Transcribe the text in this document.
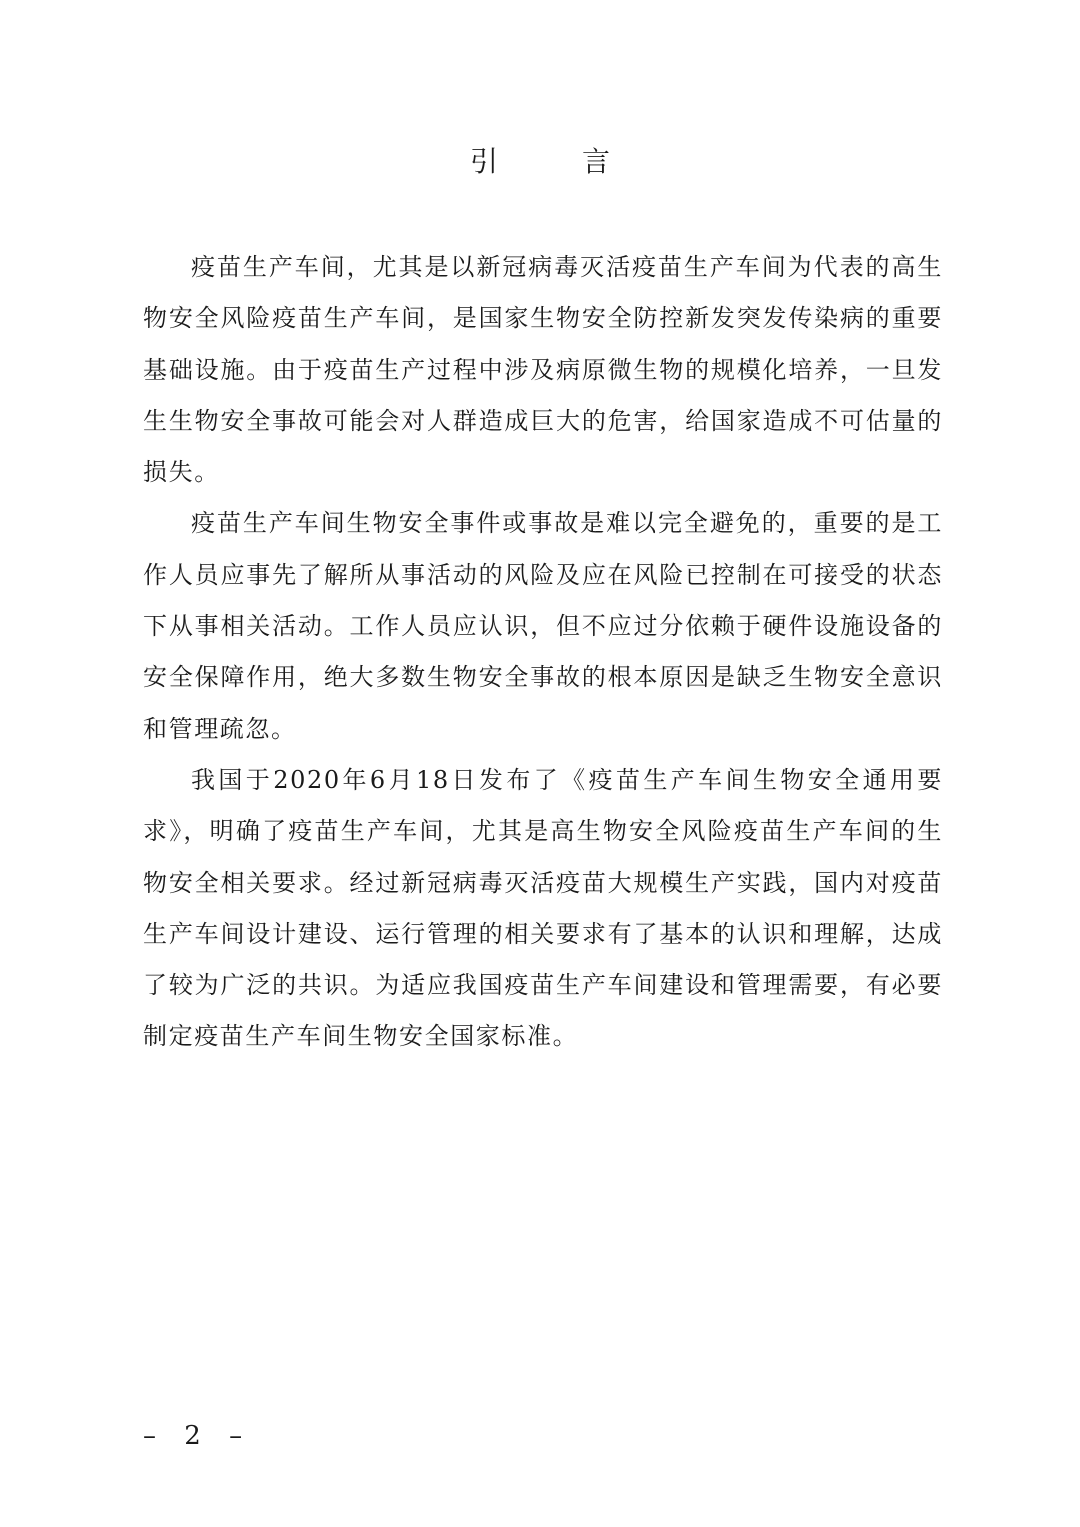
引　言

疫苗生产车间，尤其是以新冠病毒灭活疫苗生产车间为代表的高生物安全风险疫苗生产车间，是国家生物安全防控新发突发传染病的重要基础设施。由于疫苗生产过程中涉及病原微生物的规模化培养，一旦发生生物安全事故可能会对人群造成巨大的危害，给国家造成不可估量的损失。

疫苗生产车间生物安全事件或事故是难以完全避免的，重要的是工作人员应事先了解所从事活动的风险及应在风险已控制在可接受的状态下从事相关活动。工作人员应认识，但不应过分依赖于硬件设施设备的安全保障作用，绝大多数生物安全事故的根本原因是缺乏生物安全意识和管理疏忽。

我国于2020年6月18日发布了《疫苗生产车间生物安全通用要求》，明确了疫苗生产车间，尤其是高生物安全风险疫苗生产车间的生物安全相关要求。经过新冠病毒灭活疫苗大规模生产实践，国内对疫苗生产车间设计建设、运行管理的相关要求有了基本的认识和理解，达成了较为广泛的共识。为适应我国疫苗生产车间建设和管理需要，有必要制定疫苗生产车间生物安全国家标准。

– 2 –
